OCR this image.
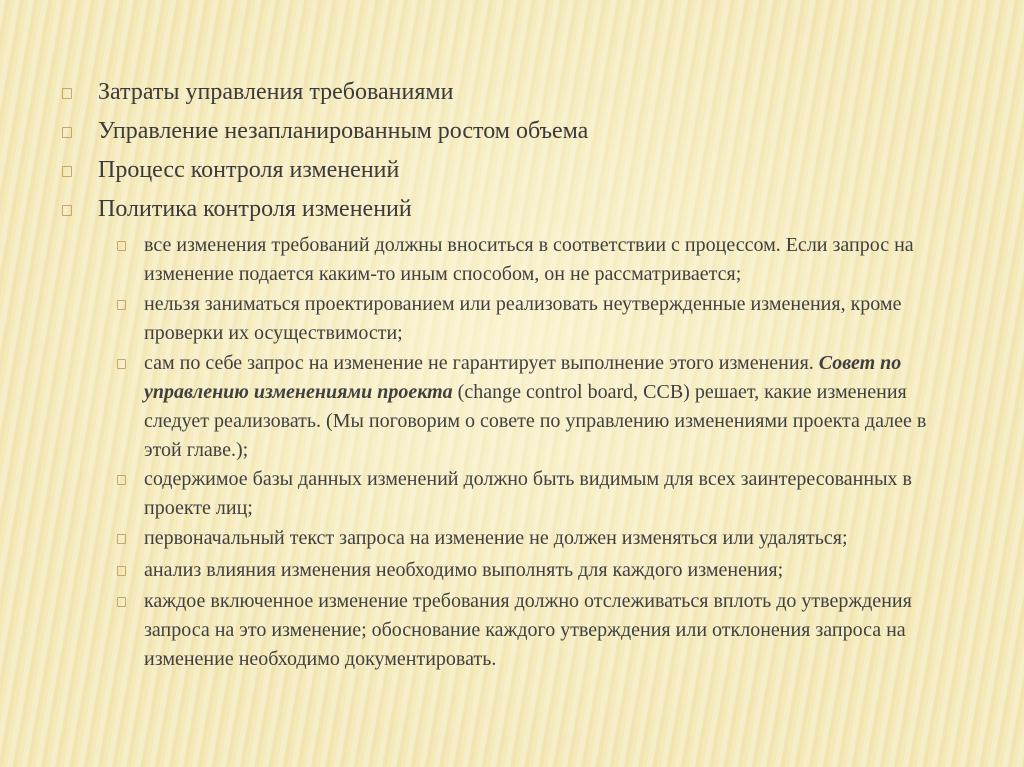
Затраты управления требованиями
Управление незапланированным ростом объема
Процесс контроля изменений
Политика контроля изменений
все изменения требований должны вноситься в соответствии с процессом. Если запрос на изменение подается каким-то иным способом, он не рассматривается;
нельзя заниматься проектированием или реализовать неутвержденные изменения, кроме проверки их осуществимости;
сам по себе запрос на изменение не гарантирует выполнение этого изменения. Совет по управлению изменениями проекта (change control board, CCB) решает, какие изменения следует реализовать. (Мы поговорим о совете по управлению изменениями проекта далее в этой главе.);
содержимое базы данных изменений должно быть видимым для всех заинтересованных в проекте лиц;
первоначальный текст запроса на изменение не должен изменяться или удаляться;
анализ влияния изменения необходимо выполнять для каждого изменения;
каждое включенное изменение требования должно отслеживаться вплоть до утверждения запроса на это изменение; обоснование каждого утверждения или отклонения запроса на изменение необходимо документировать.
